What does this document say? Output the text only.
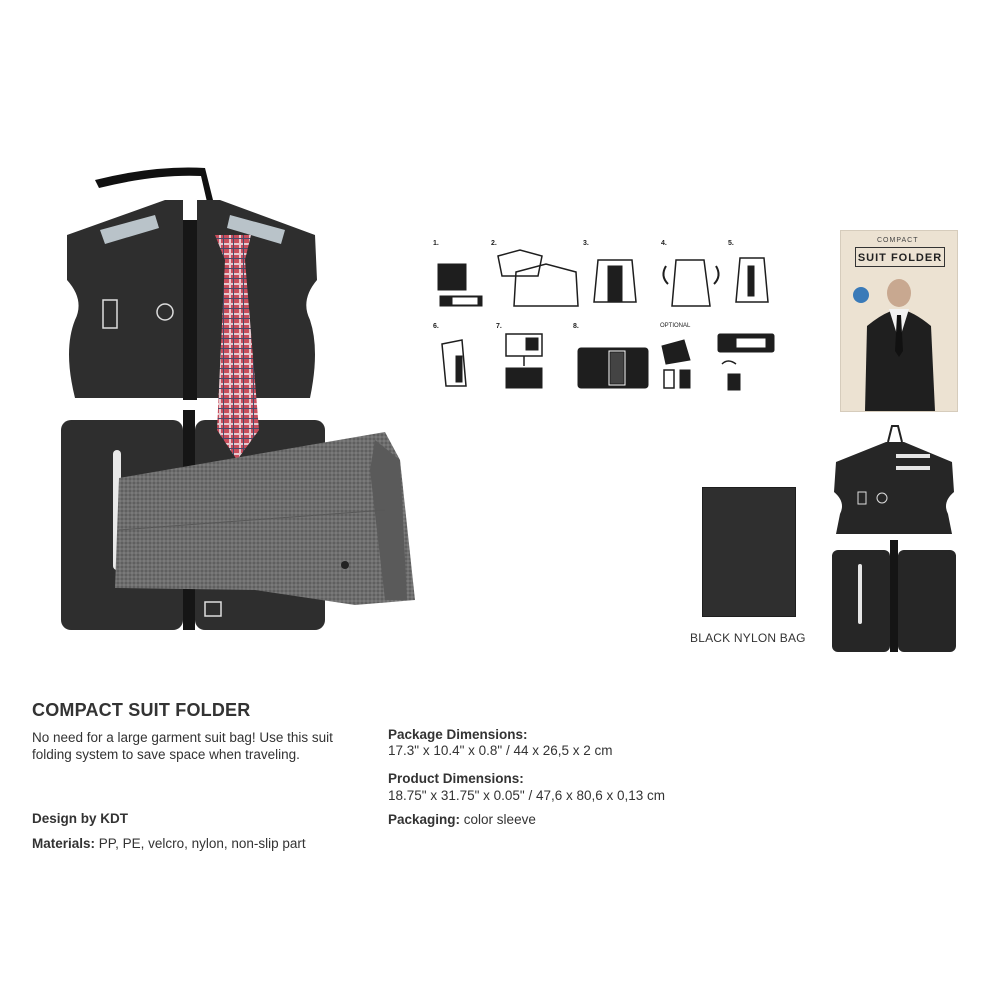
1.	2.	3.	4.	5.
6.	7.	8.	OPTIONAL
COMPACT
SUIT FOLDER
BLACK NYLON BAG
COMPACT SUIT FOLDER
No need for a large garment suit bag! Use this suit folding system to save space when traveling.
Design by KDT
Materials: PP, PE, velcro, nylon, non-slip part
Package Dimensions:
17.3" x 10.4" x 0.8" / 44 x 26,5 x 2 cm
Product Dimensions:
18.75" x 31.75" x 0.05" / 47,6 x 80,6 x 0,13 cm
Packaging: color sleeve
